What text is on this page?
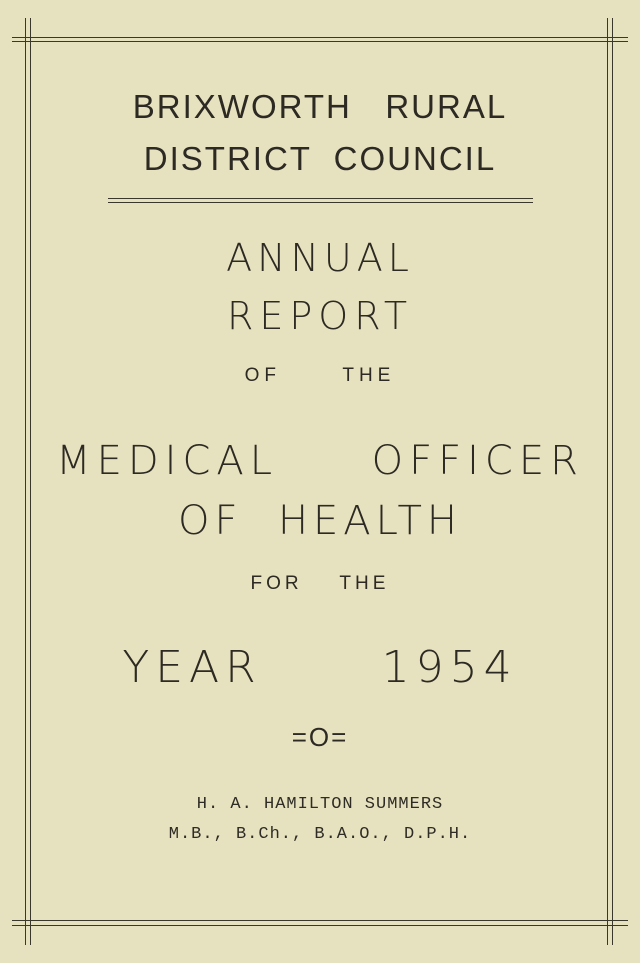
BRIXWORTH   RURAL
DISTRICT  COUNCIL
ANNUAL
REPORT
OF      THE
MEDICAL     OFFICER
OF  HEALTH
FOR    THE
YEAR      1954
=O=
H. A. HAMILTON SUMMERS
M.B., B.Ch., B.A.O., D.P.H.
